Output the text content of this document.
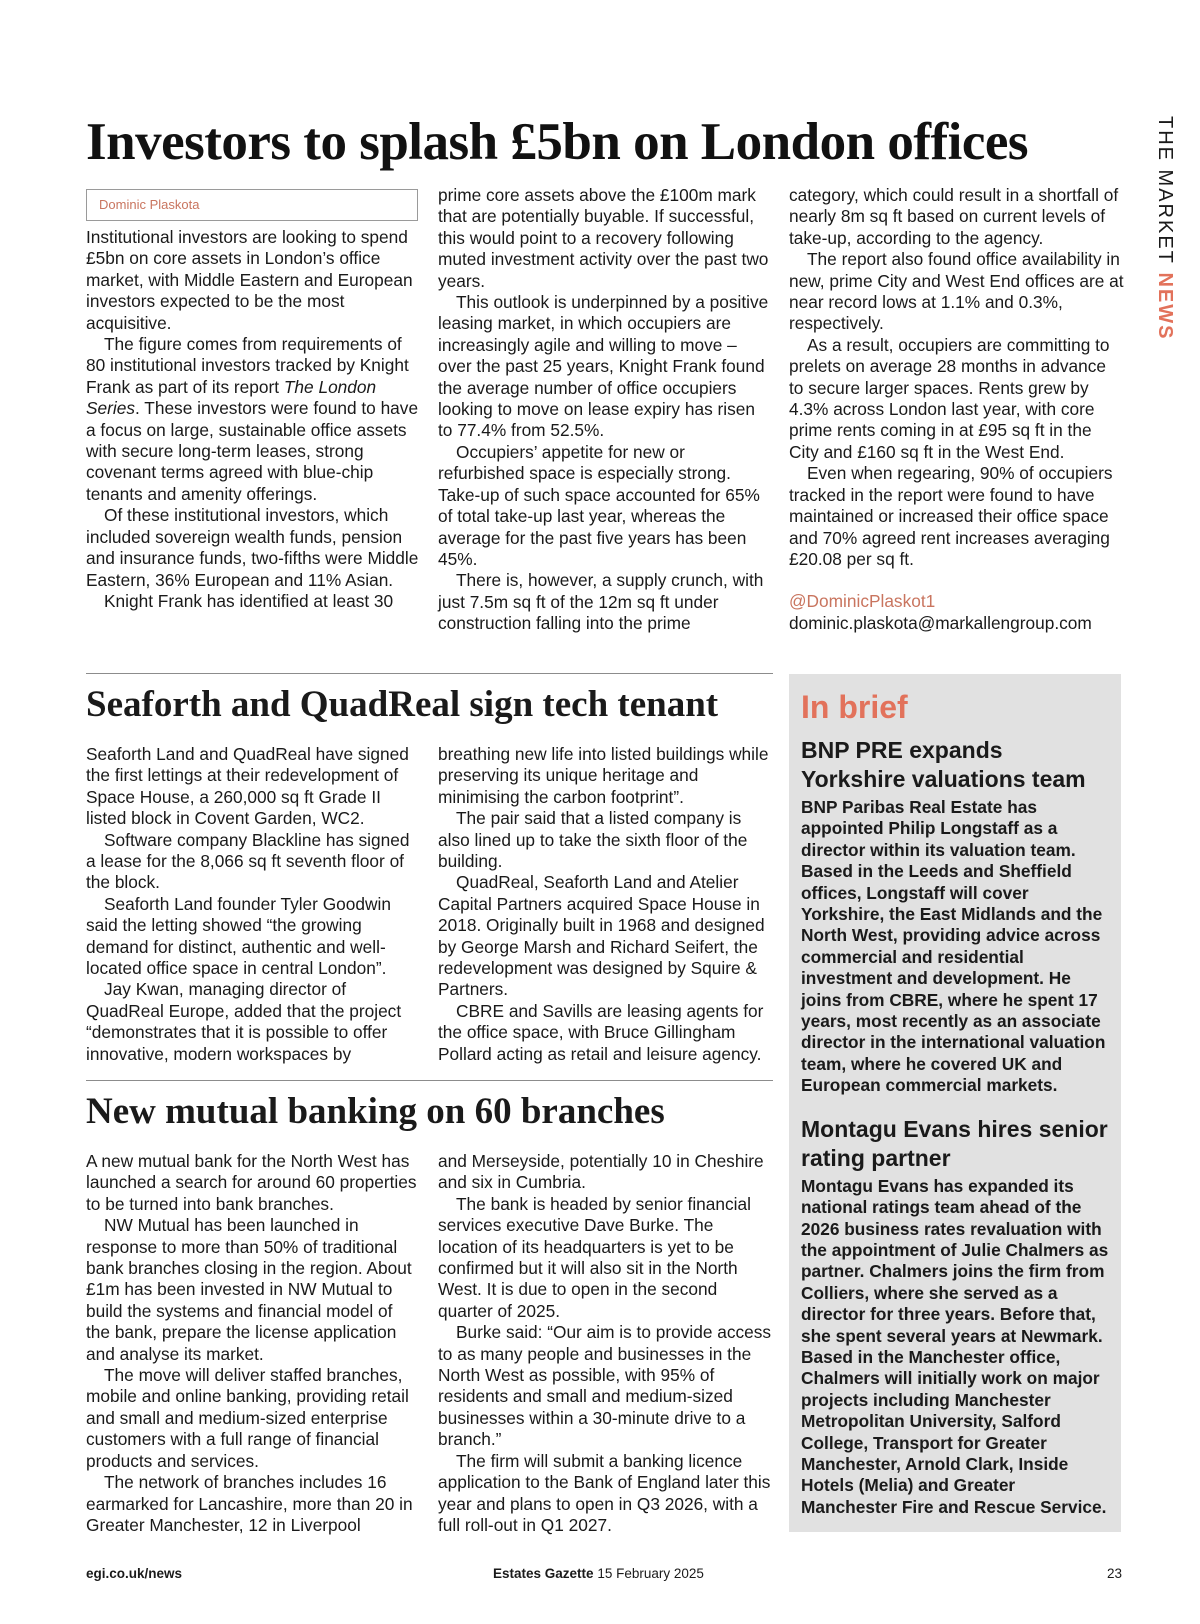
THE MARKET NEWS
Investors to splash £5bn on London offices
Dominic Plaskota

Institutional investors are looking to spend £5bn on core assets in London’s office market, with Middle Eastern and European investors expected to be the most acquisitive.

The figure comes from requirements of 80 institutional investors tracked by Knight Frank as part of its report The London Series. These investors were found to have a focus on large, sustainable office assets with secure long-term leases, strong covenant terms agreed with blue-chip tenants and amenity offerings.

Of these institutional investors, which included sovereign wealth funds, pension and insurance funds, two-fifths were Middle Eastern, 36% European and 11% Asian.

Knight Frank has identified at least 30

prime core assets above the £100m mark that are potentially buyable. If successful, this would point to a recovery following muted investment activity over the past two years.

This outlook is underpinned by a positive leasing market, in which occupiers are increasingly agile and willing to move – over the past 25 years, Knight Frank found the average number of office occupiers looking to move on lease expiry has risen to 77.4% from 52.5%.

Occupiers’ appetite for new or refurbished space is especially strong. Take-up of such space accounted for 65% of total take-up last year, whereas the average for the past five years has been 45%.

There is, however, a supply crunch, with just 7.5m sq ft of the 12m sq ft under construction falling into the prime

category, which could result in a shortfall of nearly 8m sq ft based on current levels of take-up, according to the agency.

The report also found office availability in new, prime City and West End offices are at near record lows at 1.1% and 0.3%, respectively.

As a result, occupiers are committing to prelets on average 28 months in advance to secure larger spaces. Rents grew by 4.3% across London last year, with core prime rents coming in at £95 sq ft in the City and £160 sq ft in the West End.

Even when regearing, 90% of occupiers tracked in the report were found to have maintained or increased their office space and 70% agreed rent increases averaging £20.08 per sq ft.

@DominicPlaskot1

dominic.plaskota@markallengroup.com

Seaforth and QuadReal sign tech tenant

Seaforth Land and QuadReal have signed the first lettings at their redevelopment of Space House, a 260,000 sq ft Grade II listed block in Covent Garden, WC2.

Software company Blackline has signed a lease for the 8,066 sq ft seventh floor of the block.

Seaforth Land founder Tyler Goodwin said the letting showed “the growing demand for distinct, authentic and well-located office space in central London”.

Jay Kwan, managing director of QuadReal Europe, added that the project “demonstrates that it is possible to offer innovative, modern workspaces by

breathing new life into listed buildings while preserving its unique heritage and minimising the carbon footprint”.

The pair said that a listed company is also lined up to take the sixth floor of the building.

QuadReal, Seaforth Land and Atelier Capital Partners acquired Space House in 2018. Originally built in 1968 and designed by George Marsh and Richard Seifert, the redevelopment was designed by Squire & Partners.

CBRE and Savills are leasing agents for the office space, with Bruce Gillingham Pollard acting as retail and leisure agency.

New mutual banking on 60 branches

A new mutual bank for the North West has launched a search for around 60 properties to be turned into bank branches.

NW Mutual has been launched in response to more than 50% of traditional bank branches closing in the region. About £1m has been invested in NW Mutual to build the systems and financial model of the bank, prepare the license application and analyse its market.

The move will deliver staffed branches, mobile and online banking, providing retail and small and medium-sized enterprise customers with a full range of financial products and services.

The network of branches includes 16 earmarked for Lancashire, more than 20 in Greater Manchester, 12 in Liverpool

and Merseyside, potentially 10 in Cheshire and six in Cumbria.

The bank is headed by senior financial services executive Dave Burke. The location of its headquarters is yet to be confirmed but it will also sit in the North West. It is due to open in the second quarter of 2025.

Burke said: “Our aim is to provide access to as many people and businesses in the North West as possible, with 95% of residents and small and medium-sized businesses within a 30-minute drive to a branch.”

The firm will submit a banking licence application to the Bank of England later this year and plans to open in Q3 2026, with a full roll-out in Q1 2027.

In brief
BNP PRE expands Yorkshire valuations team

BNP Paribas Real Estate has appointed Philip Longstaff as a director within its valuation team. Based in the Leeds and Sheffield offices, Longstaff will cover Yorkshire, the East Midlands and the North West, providing advice across commercial and residential investment and development. He joins from CBRE, where he spent 17 years, most recently as an associate director in the international valuation team, where he covered UK and European commercial markets.

Montagu Evans hires senior rating partner

Montagu Evans has expanded its national ratings team ahead of the 2026 business rates revaluation with the appointment of Julie Chalmers as partner. Chalmers joins the firm from Colliers, where she served as a director for three years. Before that, she spent several years at Newmark. Based in the Manchester office, Chalmers will initially work on major projects including Manchester Metropolitan University, Salford College, Transport for Greater Manchester, Arnold Clark, Inside Hotels (Melia) and Greater Manchester Fire and Rescue Service.

egi.co.uk/news	Estates Gazette 15 February 2025	23
